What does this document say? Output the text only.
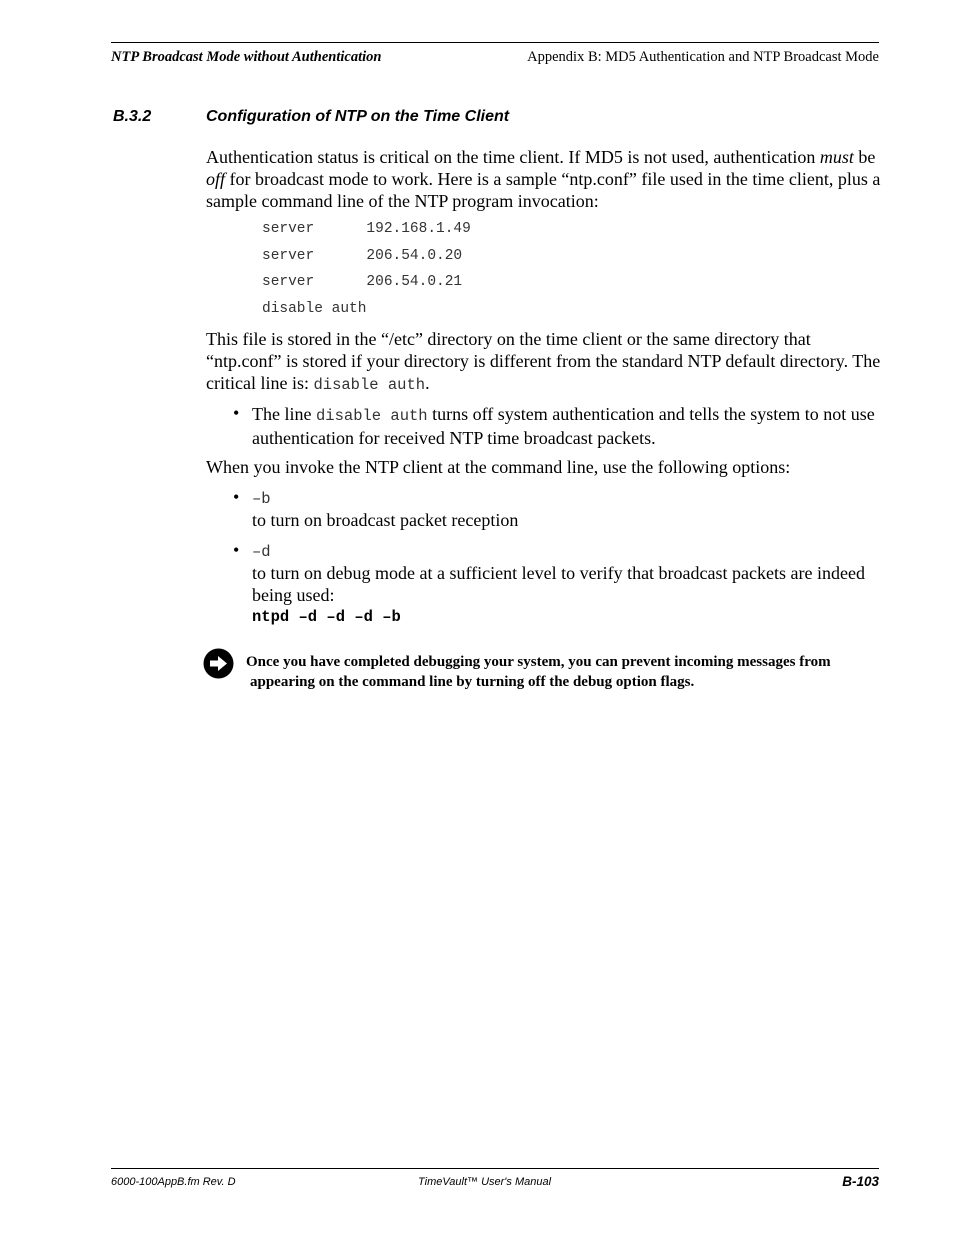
NTP Broadcast Mode without Authentication	Appendix B: MD5 Authentication and NTP Broadcast Mode
B.3.2	Configuration of NTP on the Time Client
Authentication status is critical on the time client. If MD5 is not used, authentication must be off for broadcast mode to work. Here is a sample “ntp.conf” file used in the time client, plus a sample command line of the NTP program invocation:
server      192.168.1.49
server      206.54.0.20
server      206.54.0.21
disable auth
This file is stored in the “/etc” directory on the time client or the same directory that “ntp.conf” is stored if your directory is different from the standard NTP default directory. The critical line is: disable auth.
• The line disable auth turns off system authentication and tells the system to not use authentication for received NTP time broadcast packets.
When you invoke the NTP client at the command line, use the following options:
• –b
to turn on broadcast packet reception
• –d
to turn on debug mode at a sufficient level to verify that broadcast packets are indeed being used:
ntpd –d –d –d –b
Once you have completed debugging your system, you can prevent incoming messages from
appearing on the command line by turning off the debug option flags.
6000-100AppB.fm Rev. D	TimeVault™ User's Manual	B-103
